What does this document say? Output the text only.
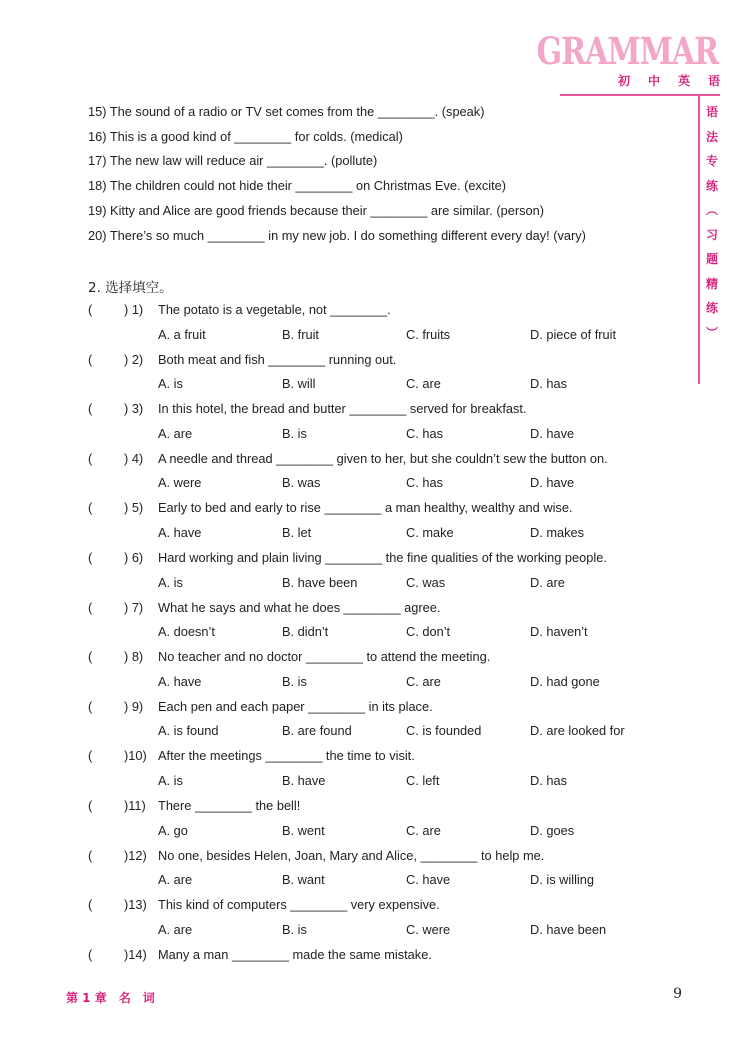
GRAMMAR
初 中 英 语
语
法
专
练
︵
习
题
精
练
︶
15) The sound of a radio or TV set comes from the ________. (speak)
16) This is a good kind of ________ for colds. (medical)
17) The new law will reduce air ________. (pollute)
18) The children could not hide their ________ on Christmas Eve. (excite)
19) Kitty and Alice are good friends because their ________ are similar. (person)
20) There’s so much ________ in my new job. I do something different every day! (vary)
2. 选择填空。
( ) 1) The potato is a vegetable, not ________.
A. a fruit	B. fruit	C. fruits	D. piece of fruit
( ) 2) Both meat and fish ________ running out.
A. is	B. will	C. are	D. has
( ) 3) In this hotel, the bread and butter ________ served for breakfast.
A. are	B. is	C. has	D. have
( ) 4) A needle and thread ________ given to her, but she couldn’t sew the button on.
A. were	B. was	C. has	D. have
( ) 5) Early to bed and early to rise ________ a man healthy, wealthy and wise.
A. have	B. let	C. make	D. makes
( ) 6) Hard working and plain living ________ the fine qualities of the working people.
A. is	B. have been	C. was	D. are
( ) 7) What he says and what he does ________ agree.
A. doesn’t	B. didn’t	C. don’t	D. haven’t
( ) 8) No teacher and no doctor ________ to attend the meeting.
A. have	B. is	C. are	D. had gone
( ) 9) Each pen and each paper ________ in its place.
A. is found	B. are found	C. is founded	D. are looked for
( )10) After the meetings ________ the time to visit.
A. is	B. have	C. left	D. has
( )11) There ________ the bell!
A. go	B. went	C. are	D. goes
( )12) No one, besides Helen, Joan, Mary and Alice, ________ to help me.
A. are	B. want	C. have	D. is willing
( )13) This kind of computers ________ very expensive.
A. are	B. is	C. were	D. have been
( )14) Many a man ________ made the same mistake.
第 1 章　名　词	9
